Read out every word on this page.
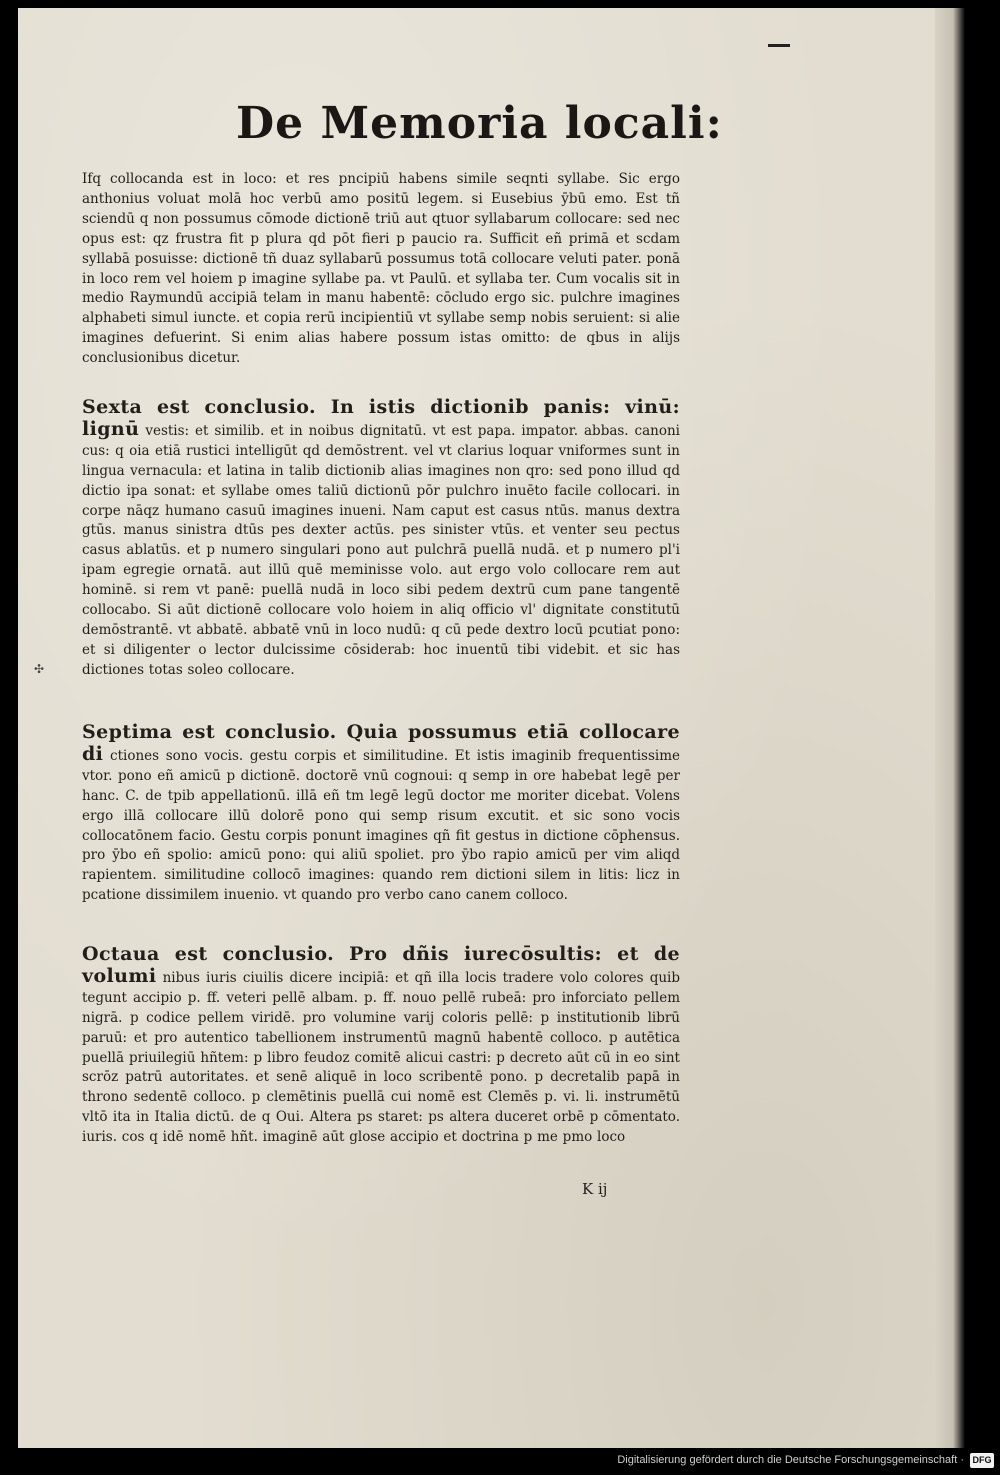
De Memoria locali:

Ifq collocanda est in loco: et res pncipiū habens simile seqnti syllabe. Sic ergo anthonius voluat molā hoc verbū amo positū legem. si Eusebius ȳbū emo. Est tñ sciendū q non possumus cōmode dictionē triū aut qtuor syllabarum collocare: sed nec opus est: qz frustra fit p plura qd pōt fieri p paucio ra. Sufficit eñ primā et scdam syllabā posuisse: dictionē tñ duaz syllabarū possumus totā collocare veluti pater. ponā in loco rem vel hoiem p imagine syllabe pa. vt Paulū. et syllaba ter. Cum vocalis sit in medio Raymundū accipiā telam in manu habentē: cōcludo ergo sic. pulchre imagines alphabeti simul iuncte. et copia rerū incipientiū vt syllabe semp nobis seruient: si alie imagines defuerint. Si enim alias habere possum istas omitto: de qbus in alijs conclusionibus dicetur.

Sexta est conclusio. In istis dictionib panis: vinū: lignū vestis: et similib. et in noibus dignitatū. vt est papa. impator. abbas. canoni cus: q oia etiā rustici intelligūt qd demōstrent. vel vt clarius loquar vniformes sunt in lingua vernacula: et latina in talib dictionib alias imagines non qro: sed pono illud qd dictio ipa sonat: et syllabe omes taliū dictionū pōr pulchro inuēto facile collocari. in corpe nāqz humano casuū imagines inueni. Nam caput est casus ntūs. manus dextra gtūs. manus sinistra dtūs pes dexter actūs. pes sinister vtūs. et venter seu pectus casus ablatūs. et p numero singulari pono aut pulchrā puellā nudā. et p numero pl'i ipam egregie ornatā. aut illū quē meminisse volo. aut ergo volo collocare rem aut hominē. si rem vt panē: puellā nudā in loco sibi pedem dextrū cum pane tangentē collocabo. Si aūt dictionē collocare volo hoiem in aliq officio vl' dignitate constitutū demōstrantē. vt abbatē. abbatē vnū in loco nudū: q cū pede dextro locū pcutiat pono: et si diligenter o lector dulcissime cōsiderab: hoc inuentū tibi videbit. et sic has dictiones totas soleo collocare.

Septima est conclusio. Quia possumus etiā collocare di ctiones sono vocis. gestu corpis et similitudine. Et istis imaginib frequentissime vtor. pono eñ amicū p dictionē. doctorē vnū cognoui: q semp in ore habebat legē per hanc. C. de tpib appellationū. illā eñ tm legē legū doctor me moriter dicebat. Volens ergo illā collocare illū dolorē pono qui semp risum excutit. et sic sono vocis collocatōnem facio. Gestu corpis ponunt imagines qñ fit gestus in dictione cōphensus. pro ȳbo eñ spolio: amicū pono: qui aliū spoliet. pro ȳbo rapio amicū per vim aliqd rapientem. similitudine collocō imagines: quando rem dictioni silem in litis: licz in pcatione dissimilem inuenio. vt quando pro verbo cano canem colloco.

Octaua est conclusio. Pro dñis iurecōsultis: et de volumi nibus iuris ciuilis dicere incipiā: et qñ illa locis tradere volo colores quib tegunt accipio p. ff. veteri pellē albam. p. ff. nouo pellē rubeā: pro inforciato pellem nigrā. p codice pellem viridē. pro volumine varij coloris pellē: p institutionib librū paruū: et pro autentico tabellionem instrumentū magnū habentē colloco. p autētica puellā priuilegiū hñtem: p libro feudoz comitē alicui castri: p decreto aūt cū in eo sint scrōz patrū autoritates. et senē aliquē in loco scribentē pono. p decretalib papā in throno sedentē colloco. p clemētinis puellā cui nomē est Clemēs p. vi. li. instrumētū vltō ita in Italia dictū. de q Oui. Altera ps staret: ps altera duceret orbē p cōmentato. iuris. cos q idē nomē hñt. imaginē aūt glose accipio et doctrina p me pmo loco

K ij

✣

Digitalisierung gefördert durch die Deutsche Forschungsgemeinschaft · DFG
